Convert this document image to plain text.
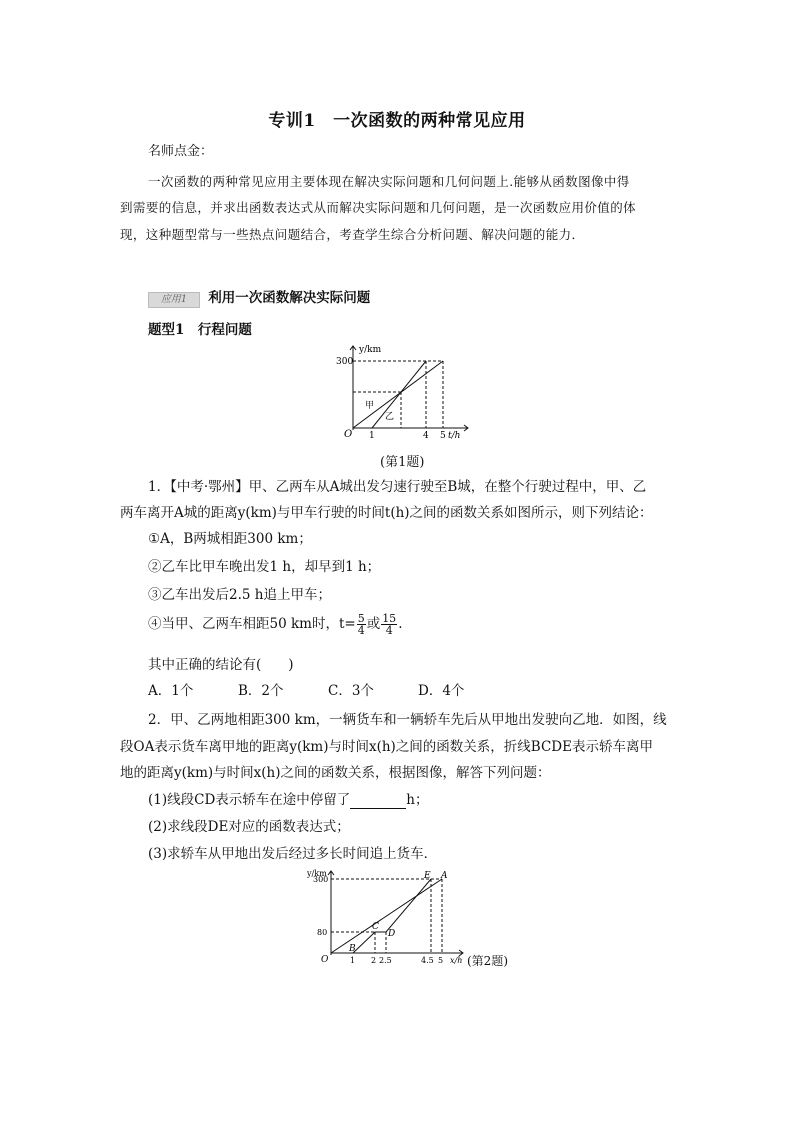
专训1　一次函数的两种常见应用
名师点金：
一次函数的两种常见应用主要体现在解决实际问题和几何问题上.能够从函数图像中得
到需要的信息，并求出函数表达式从而解决实际问题和几何问题，是一次函数应用价值的体
现，这种题型常与一些热点问题结合，考查学生综合分析问题、解决问题的能力．
应用1 利用一次函数解决实际问题
题型1　行程问题
y/km
300
O 1	4 5 t/h
甲
乙
(第1题)
1．【中考·鄂州】甲、乙两车从A城出发匀速行驶至B城，在整个行驶过程中，甲、乙
两车离开A城的距离y(km)与甲车行驶的时间t(h)之间的函数关系如图所示，则下列结论：
①A，B两城相距300 km；
②乙车比甲车晚出发1 h，却早到1 h；
③乙车出发后2.5 h追上甲车；
④当甲、乙两车相距50 km时，$t= \frac{5}{4}$ 或 $\frac{15}{4}$ .
其中正确的结论有(　　)
A．1个	B．2个	C．3个	D．4个
2．甲、乙两地相距300 km，一辆货车和一辆轿车先后从甲地出发驶向乙地．如图，线
段OA表示货车离甲地的距离y(km)与时间x(h)之间的函数关系，折线BCDE表示轿车离甲
地的距离y(km)与时间x(h)之间的函数关系，根据图像，解答下列问题：
(1)线段CD表示轿车在途中停留了	h；
(2)求线段DE对应的函数表达式；
(3)求轿车从甲地出发后经过多长时间追上货车．
y/km
300
80
O	1 2 2.5	4.5 5 x/h
B
C
D
E A
(第2题)
